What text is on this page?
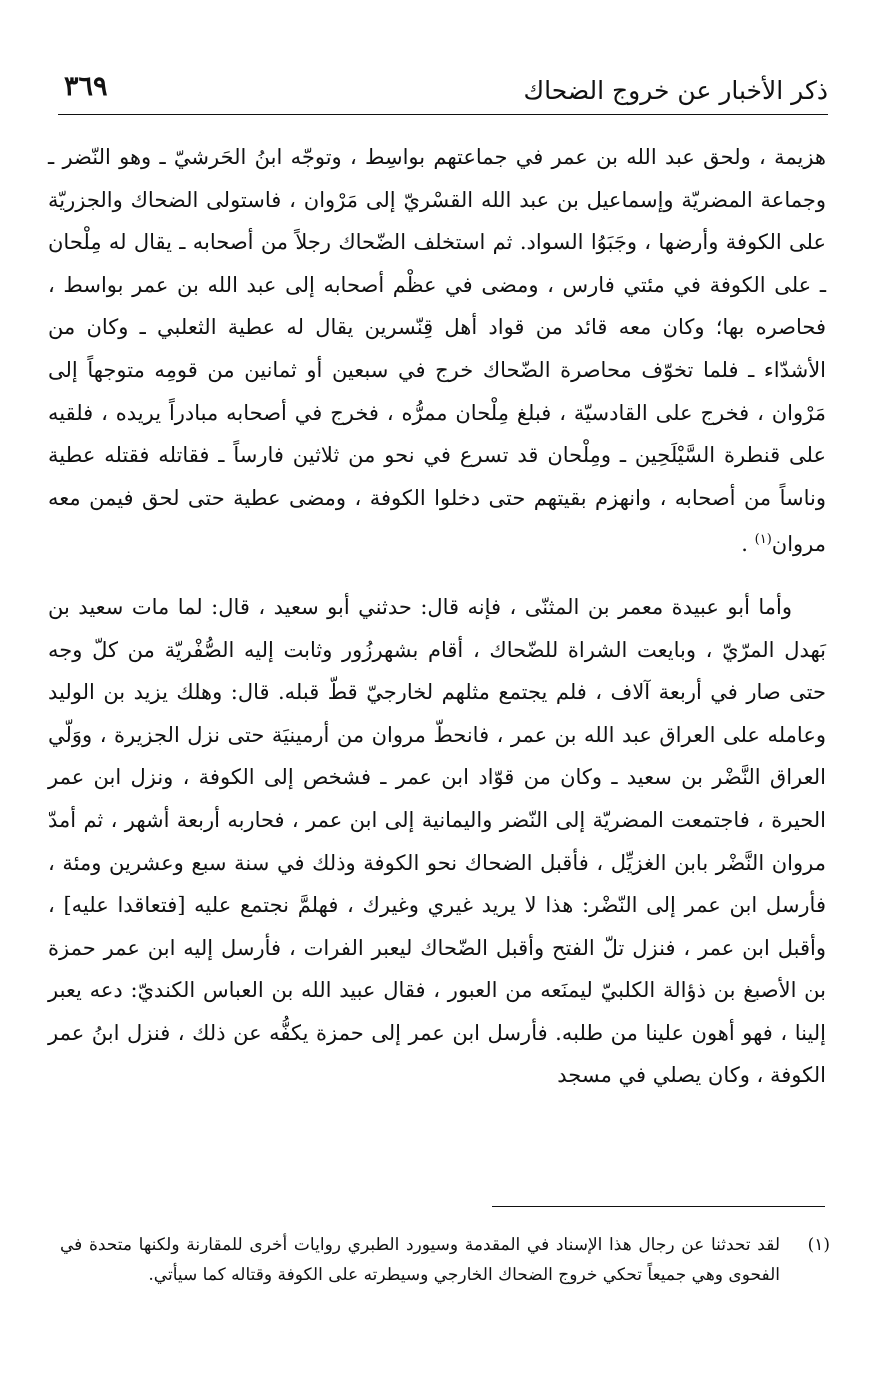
ذكر الأخبار عن خروج الضحاك
٣٦٩

هزيمة ، ولحق عبد الله بن عمر في جماعتهم بواسِط ، وتوجّه ابنُ الحَرشيّ ـ وهو النّضر ـ وجماعة المضريّة وإسماعيل بن عبد الله القسْريّ إلى مَرْوان ، فاستولى الضحاك والجزريّة على الكوفة وأرضها ، وجَبَوُا السواد. ثم استخلف الضّحاك رجلاً من أصحابه ـ يقال له مِلْحان ـ على الكوفة في مئتي فارس ، ومضى في عظْم أصحابه إلى عبد الله بن عمر بواسط ، فحاصره بها؛ وكان معه قائد من قواد أهل قِنّسرين يقال له عطية الثعلبي ـ وكان من الأشدّاء ـ فلما تخوّف محاصرة الضّحاك خرج في سبعين أو ثمانين من قومِه متوجهاً إلى مَرْوان ، فخرج على القادسيّة ، فبلغ مِلْحان ممرُّه ، فخرج في أصحابه مبادراً يريده ، فلقيه على قنطرة السَّيْلَحِين ـ ومِلْحان قد تسرع في نحو من ثلاثين فارساً ـ فقاتله فقتله عطية وناساً من أصحابه ، وانهزم بقيتهم حتى دخلوا الكوفة ، ومضى عطية حتى لحق فيمن معه مروان$^{(١)}$ .

وأما أبو عبيدة معمر بن المثنّى ، فإنه قال: حدثني أبو سعيد ، قال: لما مات سعيد بن بَهدل المرّيّ ، وبايعت الشراة للضّحاك ، أقام بشهرزُور وثابت إليه الصُّفْريّة من كلّ وجه حتى صار في أربعة آلاف ، فلم يجتمع مثلهم لخارجيّ قطّ قبله. قال: وهلك يزيد بن الوليد وعامله على العراق عبد الله بن عمر ، فانحطّ مروان من أرمينيَة حتى نزل الجزيرة ، ووَلّي العراق النَّضْر بن سعيد ـ وكان من قوّاد ابن عمر ـ فشخص إلى الكوفة ، ونزل ابن عمر الحيرة ، فاجتمعت المضريّة إلى النّضر واليمانية إلى ابن عمر ، فحاربه أربعة أشهر ، ثم أمدّ مروان النَّضْر بابن الغزيِّل ، فأقبل الضحاك نحو الكوفة وذلك في سنة سبع وعشرين ومئة ، فأرسل ابن عمر إلى النّضْر: هذا لا يريد غيري وغيرك ، فهلمَّ نجتمع عليه [فتعاقدا عليه] ، وأقبل ابن عمر ، فنزل تلّ الفتح وأقبل الضّحاك ليعبر الفرات ، فأرسل إليه ابن عمر حمزة بن الأصبغ بن ذؤالة الكلبيّ ليمنَعه من العبور ، فقال عبيد الله بن العباس الكنديّ: دعه يعبر إلينا ، فهو أهون علينا من طلبه. فأرسل ابن عمر إلى حمزة يكفُّه عن ذلك ، فنزل ابنُ عمر الكوفة ، وكان يصلي في مسجد

(١)
لقد تحدثنا عن رجال هذا الإسناد في المقدمة وسيورد الطبري روايات أخرى للمقارنة ولكنها متحدة في الفحوى وهي جميعاً تحكي خروج الضحاك الخارجي وسيطرته على الكوفة وقتاله كما سيأتي.
